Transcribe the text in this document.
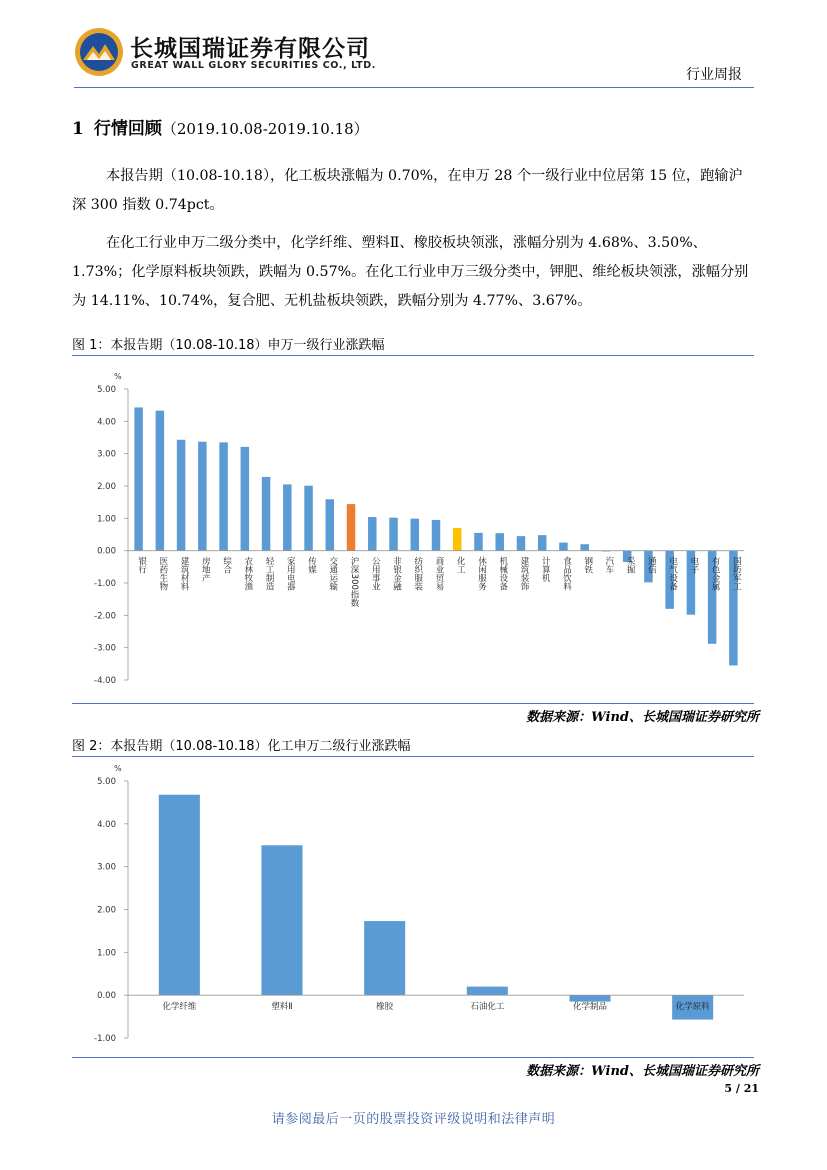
长城国瑞证券有限公司
GREAT WALL GLORY SECURITIES CO., LTD.
行业周报
1 行情回顾（2019.10.08-2019.10.18）
本报告期（10.08-10.18），化工板块涨幅为 0.70%，在申万 28 个一级行业中位居第 15 位，跑输沪深 300 指数 0.74pct。
在化工行业申万二级分类中，化学纤维、塑料Ⅱ、橡胶板块领涨，涨幅分别为 4.68%、3.50%、1.73%；化学原料板块领跌，跌幅为 0.57%。在化工行业申万三级分类中，钾肥、维纶板块领涨，涨幅分别为 14.11%、10.74%，复合肥、无机盐板块领跌，跌幅分别为 4.77%、3.67%。
图 1：本报告期（10.08-10.18）申万一级行业涨跌幅
%
5.00
4.00
3.00
2.00
1.00
0.00
-1.00
-2.00
-3.00
-4.00
银行 医药生物 建筑材料 房地产 综合 农林牧渔 轻工制造 家用电器 传媒 交通运输 沪深300指数 公用事业 非银金融 纺织服装 商业贸易 化工 休闲服务 机械设备 建筑装饰 计算机 食品饮料 钢铁 汽车 采掘 通信 电气设备 电子 有色金属 国防军工
数据来源：Wind、长城国瑞证券研究所
图 2：本报告期（10.08-10.18）化工申万二级行业涨跌幅
%
5.00
4.00
3.00
2.00
1.00
0.00
-1.00
化学纤维	塑料Ⅱ	橡胶	石油化工	化学制品	化学原料
数据来源：Wind、长城国瑞证券研究所
5 / 21
请参阅最后一页的股票投资评级说明和法律声明
